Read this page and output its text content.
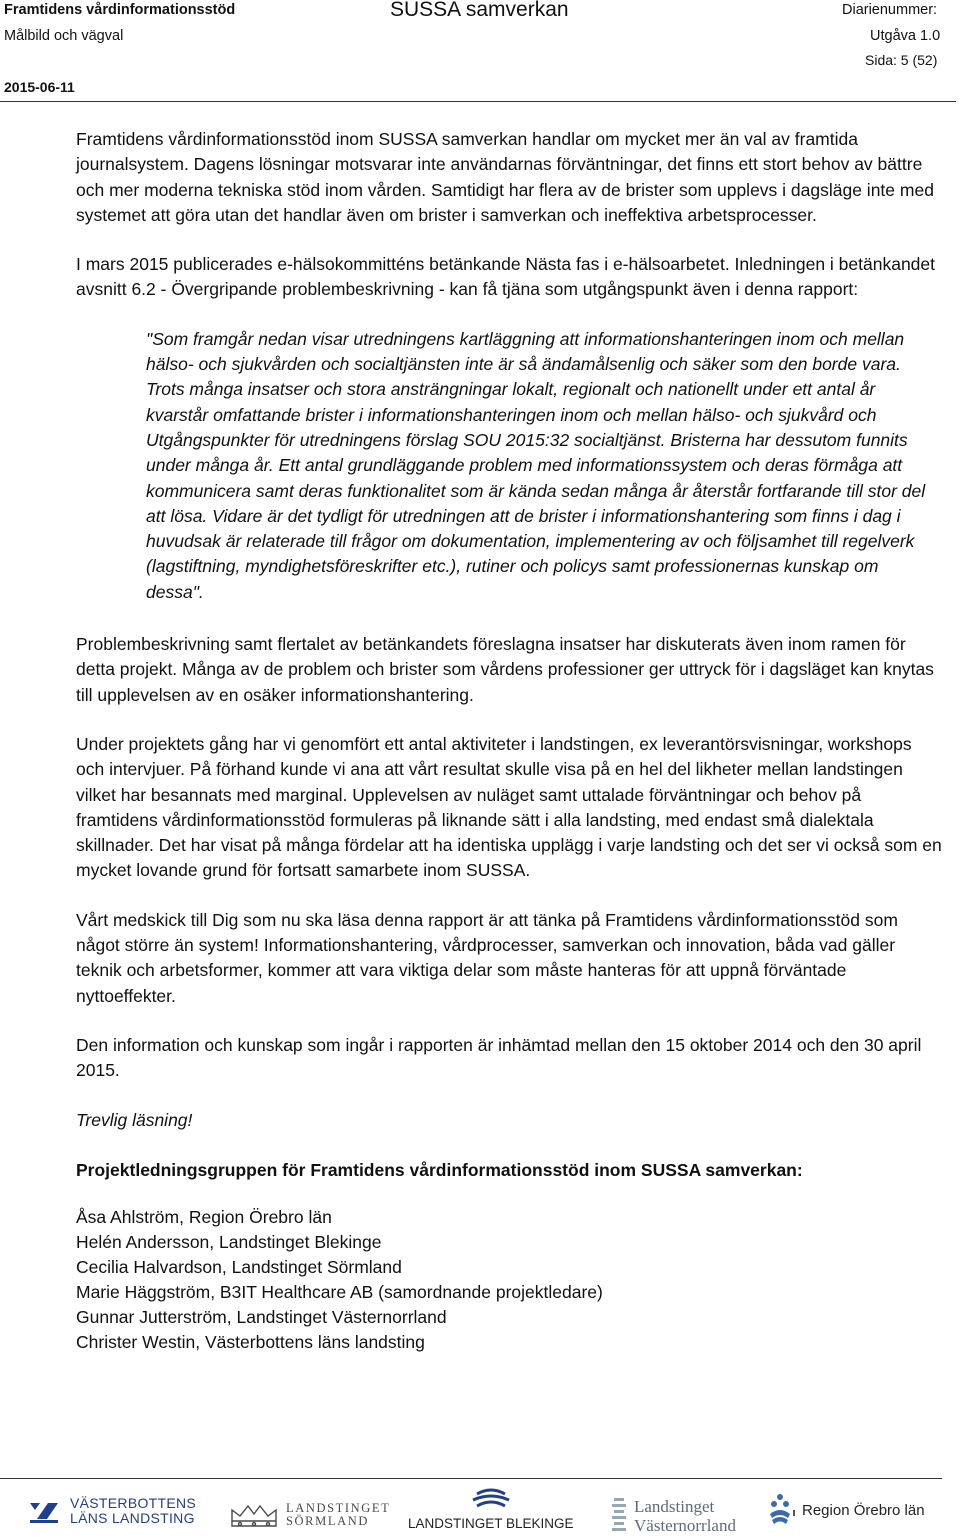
Framtidens vårdinformationsstöd
Målbild och vägval
2015-06-11
SUSSA samverkan	Diarienummer:
Utgåva 1.0
Sida: 5 (52)

Framtidens vårdinformationsstöd inom SUSSA samverkan handlar om mycket mer än val av framtida journalsystem. Dagens lösningar motsvarar inte användarnas förväntningar, det finns ett stort behov av bättre och mer moderna tekniska stöd inom vården. Samtidigt har flera av de brister som upplevs i dagsläge inte med systemet att göra utan det handlar även om brister i samverkan och ineffektiva arbetsprocesser.

I mars 2015 publicerades e-hälsokommitténs betänkande Nästa fas i e-hälsoarbetet. Inledningen i betänkandet avsnitt 6.2 - Övergripande problembeskrivning - kan få tjäna som utgångspunkt även i denna rapport:

"Som framgår nedan visar utredningens kartläggning att informationshanteringen inom och mellan hälso- och sjukvården och socialtjänsten inte är så ändamålsenlig och säker som den borde vara. Trots många insatser och stora ansträngningar lokalt, regionalt och nationellt under ett antal år kvarstår omfattande brister i informationshanteringen inom och mellan hälso- och sjukvård och Utgångspunkter för utredningens förslag SOU 2015:32 socialtjänst. Bristerna har dessutom funnits under många år. Ett antal grundläggande problem med informationssystem och deras förmåga att kommunicera samt deras funktionalitet som är kända sedan många år återstår fortfarande till stor del att lösa. Vidare är det tydligt för utredningen att de brister i informationshantering som finns i dag i huvudsak är relaterade till frågor om dokumentation, implementering av och följsamhet till regelverk (lagstiftning, myndighetsföreskrifter etc.), rutiner och policys samt professionernas kunskap om dessa".

Problembeskrivning samt flertalet av betänkandets föreslagna insatser har diskuterats även inom ramen för detta projekt. Många av de problem och brister som vårdens professioner ger uttryck för i dagsläget kan knytas till upplevelsen av en osäker informationshantering.

Under projektets gång har vi genomfört ett antal aktiviteter i landstingen, ex leverantörsvisningar, workshops och intervjuer. På förhand kunde vi ana att vårt resultat skulle visa på en hel del likheter mellan landstingen vilket har besannats med marginal. Upplevelsen av nuläget samt uttalade förväntningar och behov på framtidens vårdinformationsstöd formuleras på liknande sätt i alla landsting, med endast små dialektala skillnader. Det har visat på många fördelar att ha identiska upplägg i varje landsting och det ser vi också som en mycket lovande grund för fortsatt samarbete inom SUSSA.

Vårt medskick till Dig som nu ska läsa denna rapport är att tänka på Framtidens vårdinformationsstöd som något större än system! Informationshantering, vårdprocesser, samverkan och innovation, båda vad gäller teknik och arbetsformer, kommer att vara viktiga delar som måste hanteras för att uppnå förväntade nyttoeffekter.

Den information och kunskap som ingår i rapporten är inhämtad mellan den 15 oktober 2014 och den 30 april 2015.

Trevlig läsning!

Projektledningsgruppen för Framtidens vårdinformationsstöd inom SUSSA samverkan:

Åsa Ahlström, Region Örebro län
Helén Andersson, Landstinget Blekinge
Cecilia Halvardson, Landstinget Sörmland
Marie Häggström, B3IT Healthcare AB (samordnande projektledare)
Gunnar Jutterström, Landstinget Västernorrland
Christer Westin, Västerbottens läns landsting
VÄSTERBOTTENS
LÄNS LANDSTING
LANDSTINGET
SÖRMLAND	LANDSTINGET BLEKINGE
Landstinget
Västernorrland
Region Örebro län
